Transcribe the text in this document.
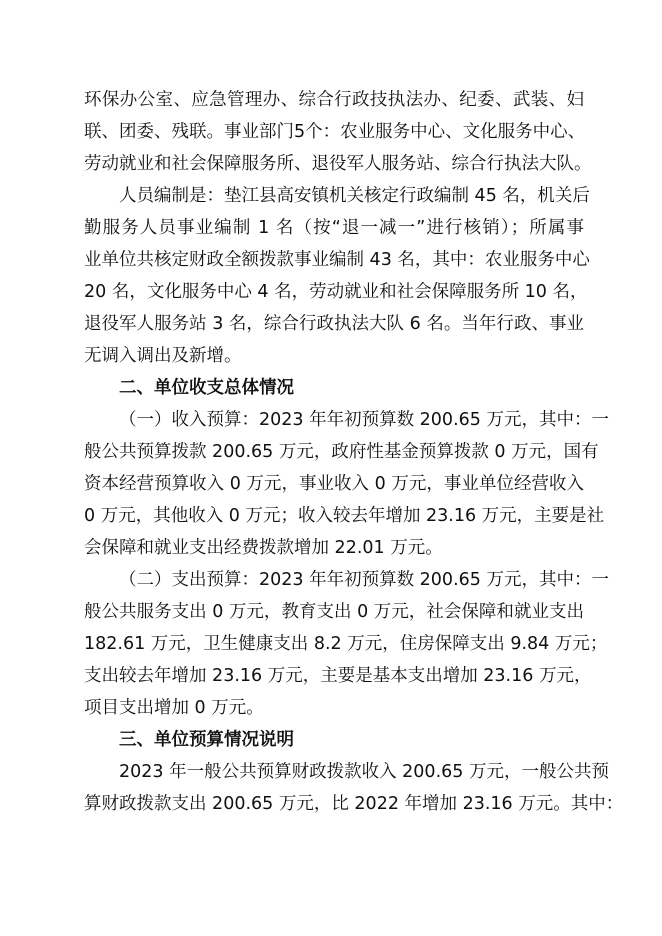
环保办公室、应急管理办、综合行政技执法办、纪委、武装、妇
联、团委、残联。事业部门5个：农业服务中心、文化服务中心、
劳动就业和社会保障服务所、退役军人服务站、综合行执法大队。
人员编制是：垫江县高安镇机关核定行政编制 45 名，机关后
勤服务人员事业编制 1 名（按“退一减一”进行核销）；所属事
业单位共核定财政全额拨款事业编制 43 名，其中：农业服务中心
20 名，文化服务中心 4 名，劳动就业和社会保障服务所 10 名，
退役军人服务站 3 名，综合行政执法大队 6 名。当年行政、事业
无调入调出及新增。
二、单位收支总体情况
（一）收入预算：2023 年年初预算数 200.65 万元，其中：一
般公共预算拨款 200.65 万元，政府性基金预算拨款 0 万元，国有
资本经营预算收入 0 万元，事业收入 0 万元，事业单位经营收入
0 万元，其他收入 0 万元；收入较去年增加 23.16 万元，主要是社
会保障和就业支出经费拨款增加 22.01 万元。
（二）支出预算：2023 年年初预算数 200.65 万元，其中：一
般公共服务支出 0 万元，教育支出 0 万元，社会保障和就业支出
182.61 万元，卫生健康支出 8.2 万元，住房保障支出 9.84 万元；
支出较去年增加 23.16 万元，主要是基本支出增加 23.16 万元，
项目支出增加 0 万元。
三、单位预算情况说明
2023 年一般公共预算财政拨款收入 200.65 万元，一般公共预
算财政拨款支出 200.65 万元，比 2022 年增加 23.16 万元。其中：
